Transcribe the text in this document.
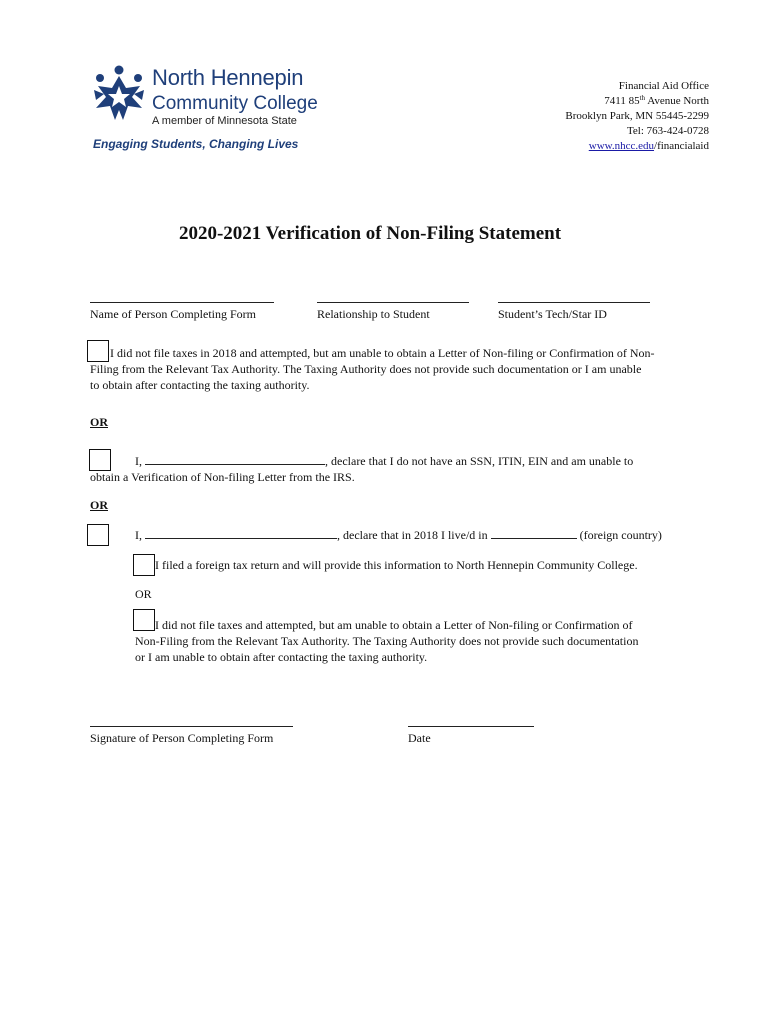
North Hennepin
Community College
A member of Minnesota State
Engaging Students, Changing Lives
Financial Aid Office
7411 85th Avenue North
Brooklyn Park, MN 55445-2299
Tel: 763-424-0728
www.nhcc.edu/financialaid
2020-2021 Verification of Non-Filing Statement
Name of Person Completing Form	Relationship to Student	Student’s Tech/Star ID
I did not file taxes in 2018 and attempted, but am unable to obtain a Letter of Non-filing or Confirmation of Non-
Filing from the Relevant Tax Authority. The Taxing Authority does not provide such documentation or I am unable
to obtain after contacting the taxing authority.
OR
I,	, declare that I do not have an SSN, ITIN, EIN and am unable to
obtain a Verification of Non-filing Letter from the IRS.
OR
I,	, declare that in 2018 I live/d in	(foreign country)
I filed a foreign tax return and will provide this information to North Hennepin Community College.
OR
I did not file taxes and attempted, but am unable to obtain a Letter of Non-filing or Confirmation of
Non-Filing from the Relevant Tax Authority. The Taxing Authority does not provide such documentation
or I am unable to obtain after contacting the taxing authority.
Signature of Person Completing Form	Date
